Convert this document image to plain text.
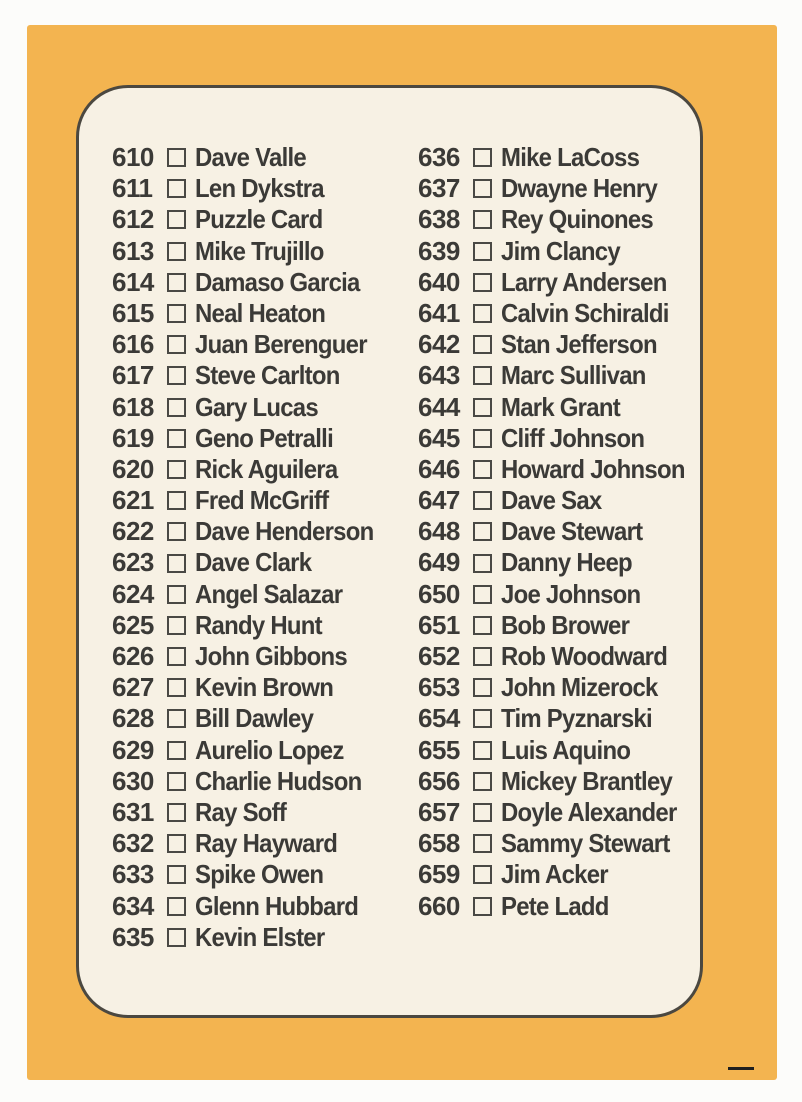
610 Dave Valle
611 Len Dykstra
612 Puzzle Card
613 Mike Trujillo
614 Damaso Garcia
615 Neal Heaton
616 Juan Berenguer
617 Steve Carlton
618 Gary Lucas
619 Geno Petralli
620 Rick Aguilera
621 Fred McGriff
622 Dave Henderson
623 Dave Clark
624 Angel Salazar
625 Randy Hunt
626 John Gibbons
627 Kevin Brown
628 Bill Dawley
629 Aurelio Lopez
630 Charlie Hudson
631 Ray Soff
632 Ray Hayward
633 Spike Owen
634 Glenn Hubbard
635 Kevin Elster
636 Mike LaCoss
637 Dwayne Henry
638 Rey Quinones
639 Jim Clancy
640 Larry Andersen
641 Calvin Schiraldi
642 Stan Jefferson
643 Marc Sullivan
644 Mark Grant
645 Cliff Johnson
646 Howard Johnson
647 Dave Sax
648 Dave Stewart
649 Danny Heep
650 Joe Johnson
651 Bob Brower
652 Rob Woodward
653 John Mizerock
654 Tim Pyznarski
655 Luis Aquino
656 Mickey Brantley
657 Doyle Alexander
658 Sammy Stewart
659 Jim Acker
660 Pete Ladd
